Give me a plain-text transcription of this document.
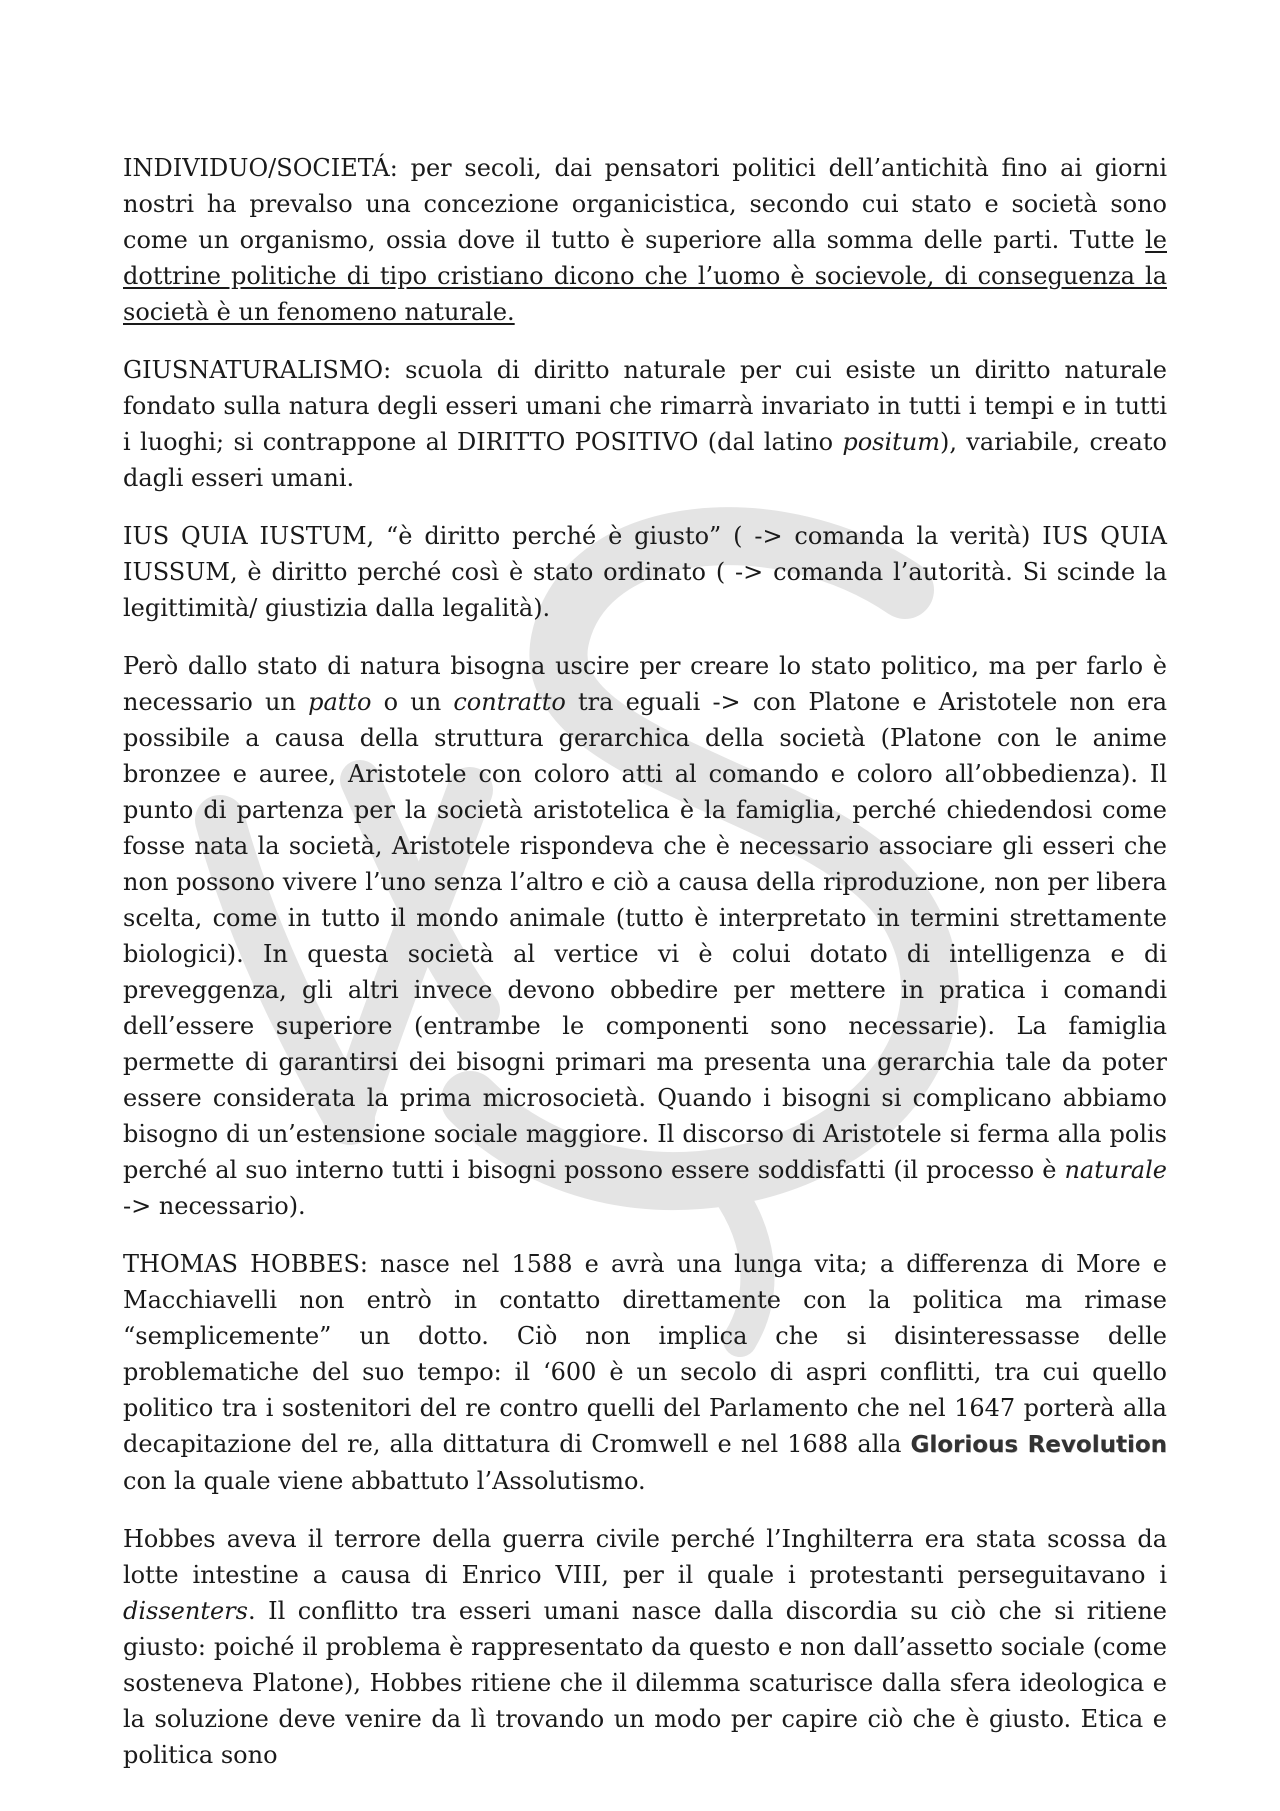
INDIVIDUO/SOCIETÁ: per secoli, dai pensatori politici dell’antichità fino ai giorni nostri ha prevalso una concezione organicistica, secondo cui stato e società sono come un organismo, ossia dove il tutto è superiore alla somma delle parti. Tutte le dottrine politiche di tipo cristiano dicono che l’uomo è socievole, di conseguenza la società è un fenomeno naturale.

GIUSNATURALISMO: scuola di diritto naturale per cui esiste un diritto naturale fondato sulla natura degli esseri umani che rimarrà invariato in tutti i tempi e in tutti i luoghi; si contrappone al DIRITTO POSITIVO (dal latino positum), variabile, creato dagli esseri umani.

IUS QUIA IUSTUM, “è diritto perché è giusto” ( -> comanda la verità) IUS QUIA IUSSUM, è diritto perché così è stato ordinato ( -> comanda l’autorità. Si scinde la legittimità/ giustizia dalla legalità).

Però dallo stato di natura bisogna uscire per creare lo stato politico, ma per farlo è necessario un patto o un contratto tra eguali -> con Platone e Aristotele non era possibile a causa della struttura gerarchica della società (Platone con le anime bronzee e auree, Aristotele con coloro atti al comando e coloro all’obbedienza). Il punto di partenza per la società aristotelica è la famiglia, perché chiedendosi come fosse nata la società, Aristotele rispondeva che è necessario associare gli esseri che non possono vivere l’uno senza l’altro e ciò a causa della riproduzione, non per libera scelta, come in tutto il mondo animale (tutto è interpretato in termini strettamente biologici). In questa società al vertice vi è colui dotato di intelligenza e di preveggenza, gli altri invece devono obbedire per mettere in pratica i comandi dell’essere superiore (entrambe le componenti sono necessarie). La famiglia permette di garantirsi dei bisogni primari ma presenta una gerarchia tale da poter essere considerata la prima microsocietà. Quando i bisogni si complicano abbiamo bisogno di un’estensione sociale maggiore. Il discorso di Aristotele si ferma alla polis perché al suo interno tutti i bisogni possono essere soddisfatti (il processo è naturale -> necessario).

THOMAS HOBBES: nasce nel 1588 e avrà una lunga vita; a differenza di More e Macchiavelli non entrò in contatto direttamente con la politica ma rimase “semplicemente” un dotto. Ciò non implica che si disinteressasse delle problematiche del suo tempo: il ‘600 è un secolo di aspri conflitti, tra cui quello politico tra i sostenitori del re contro quelli del Parlamento che nel 1647 porterà alla decapitazione del re, alla dittatura di Cromwell e nel 1688 alla Glorious Revolution con la quale viene abbattuto l’Assolutismo.

Hobbes aveva il terrore della guerra civile perché l’Inghilterra era stata scossa da lotte intestine a causa di Enrico VIII, per il quale i protestanti perseguitavano i dissenters. Il conflitto tra esseri umani nasce dalla discordia su ciò che si ritiene giusto: poiché il problema è rappresentato da questo e non dall’assetto sociale (come sosteneva Platone), Hobbes ritiene che il dilemma scaturisce dalla sfera ideologica e la soluzione deve venire da lì trovando un modo per capire ciò che è giusto. Etica e politica sono
